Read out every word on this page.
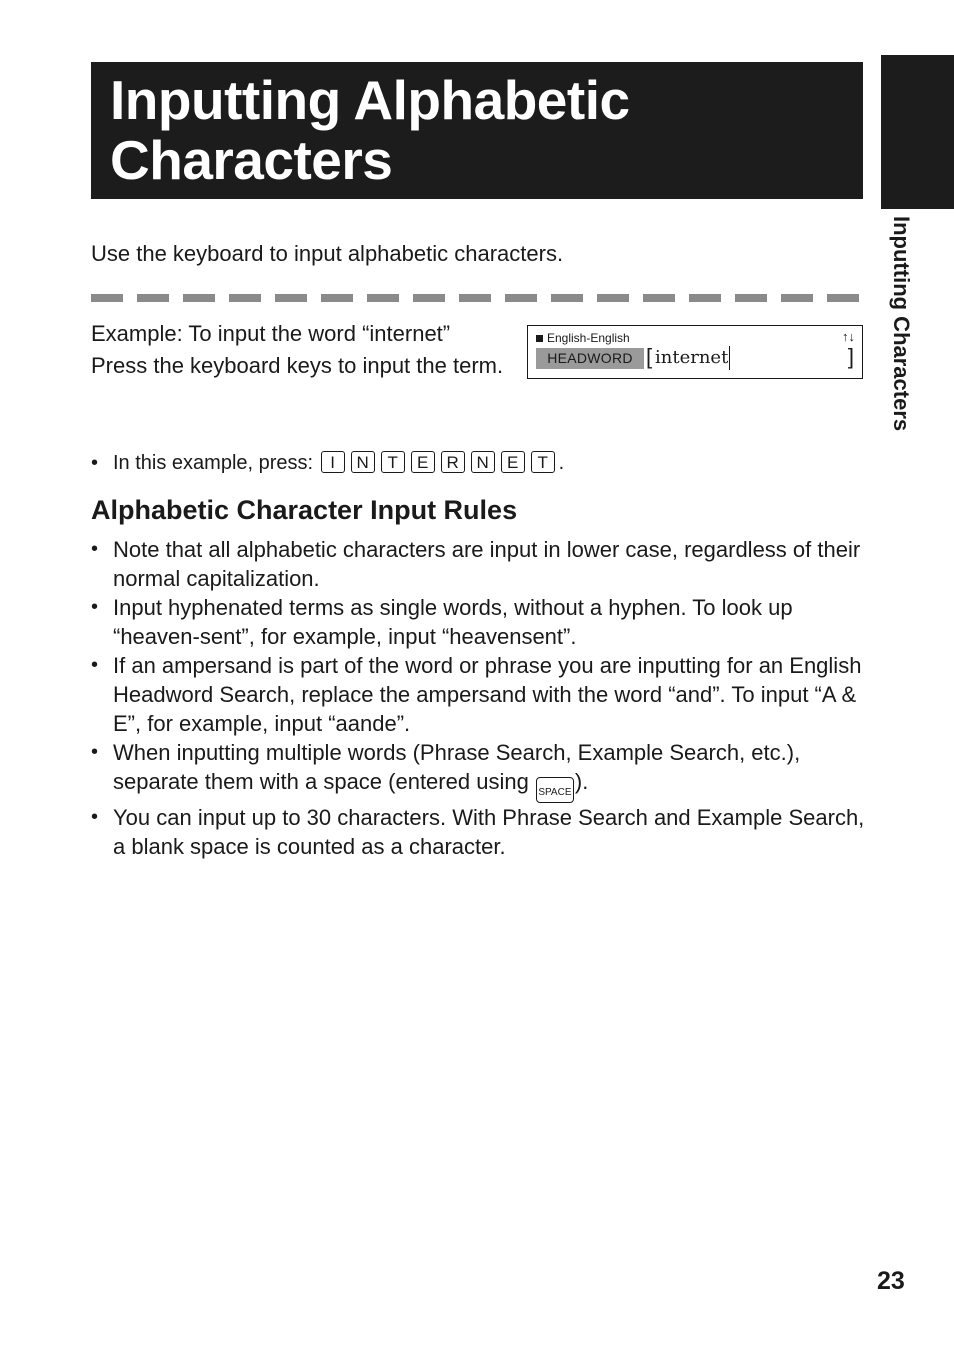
Inputting Alphabetic Characters
Inputting Characters
Use the keyboard to input alphabetic characters.

Example: To input the word “internet”

Press the keyboard keys to input the term.

• In this example, press: I N T E R N E T .
English-English	↑↓
HEADWORD [ internet	]
Alphabetic Character Input Rules
• Note that all alphabetic characters are input in lower case, regardless of their normal capitalization.
• Input hyphenated terms as single words, without a hyphen. To look up “heaven-sent”, for example, input “heavensent”.
• If an ampersand is part of the word or phrase you are inputting for an English Headword Search, replace the ampersand with the word “and”. To input “A & E”, for example, input “aande”.
• When inputting multiple words (Phrase Search, Example Search, etc.), separate them with a space (entered using SPACE ).
• You can input up to 30 characters. With Phrase Search and Example Search, a blank space is counted as a character.
23
